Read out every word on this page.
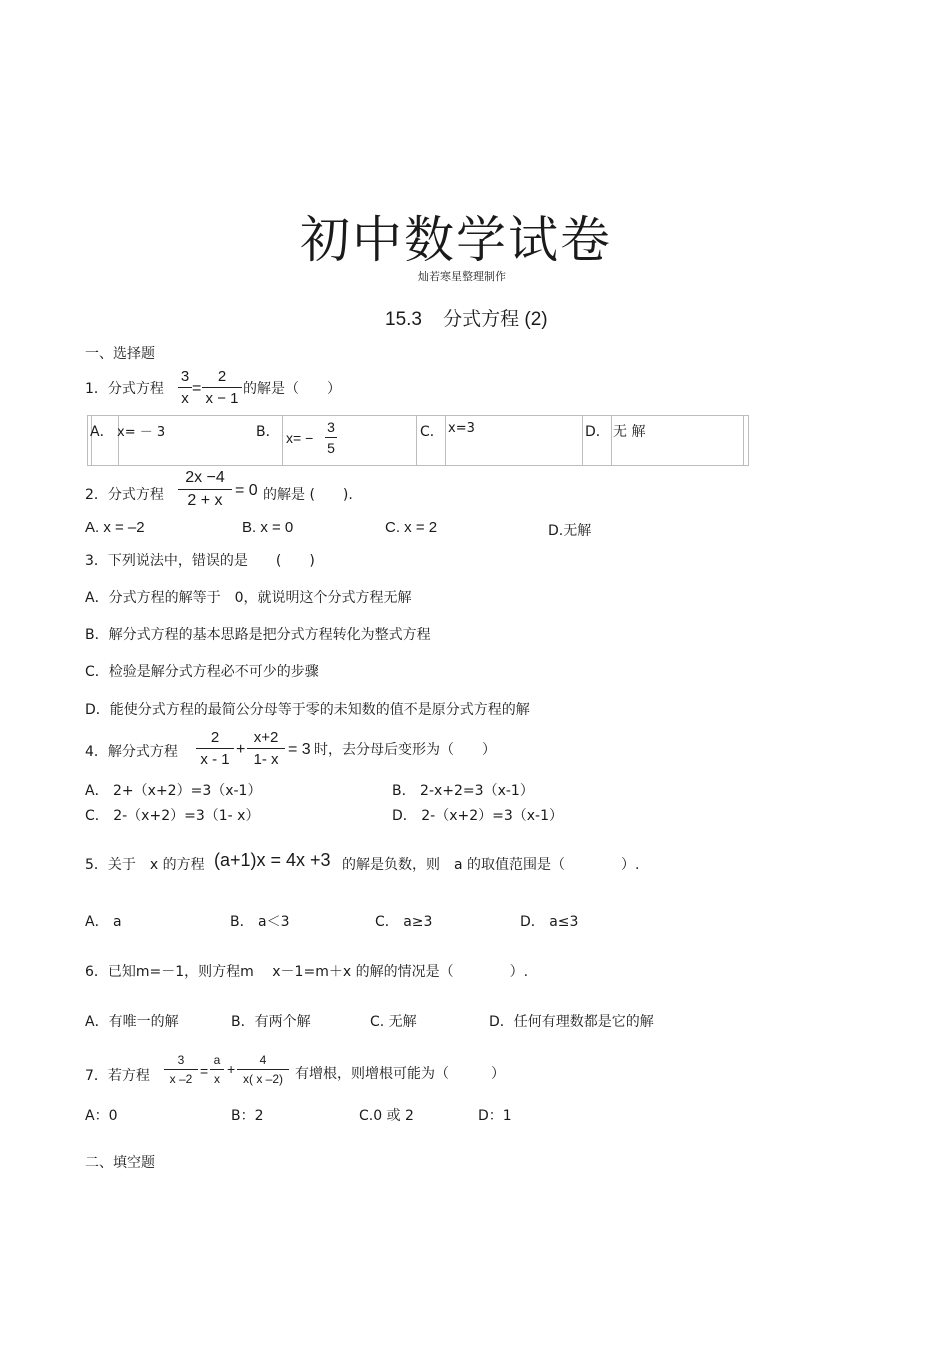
初中数学试卷
灿若寒星整理制作
15.3    分式方程 (2)
一、选择题
1．分式方程
3
x
=
2
x − 1
的解是（　　）
A． x= － 3	B． x= −
3
5
C． x=3	D． 无 解
2．分式方程
2x −4
2 + x
= 0 的解是 (　　).
A. x = –2	B. x = 0	C. x = 2	D.无解
3．下列说法中，错误的是　　(　　)
A．分式方程的解等于　0，就说明这个分式方程无解
B．解分式方程的基本思路是把分式方程转化为整式方程
C．检验是解分式方程必不可少的步骤
D．能使分式方程的最简公分母等于零的未知数的值不是原分式方程的解
4．解分式方程
2
x - 1
+
x+2
1- x
= 3 时，去分母后变形为（　　）
A． 2+（x+2）=3（x-1）	B． 2-x+2=3（x-1）
C． 2-（x+2）=3（1- x）	D． 2-（x+2）=3（x-1）
5．关于　x 的方程 (a+1)x = 4x +3 的解是负数，则　a 的取值范围是（　　　　）.
A． a	B． a＜3	C． a≥3	D． a≤3
6．已知m=－1，则方程m　 x－1=m＋x 的解的情况是（　　　　）.
A．有唯一的解	B．有两个解	C. 无解	D．任何有理数都是它的解
7．若方程
3
x –2 =
a
x
+
4
x( x –2) 有增根，则增根可能为（　　　）
A：0	B：2	C.0 或 2	D：1
二、填空题
